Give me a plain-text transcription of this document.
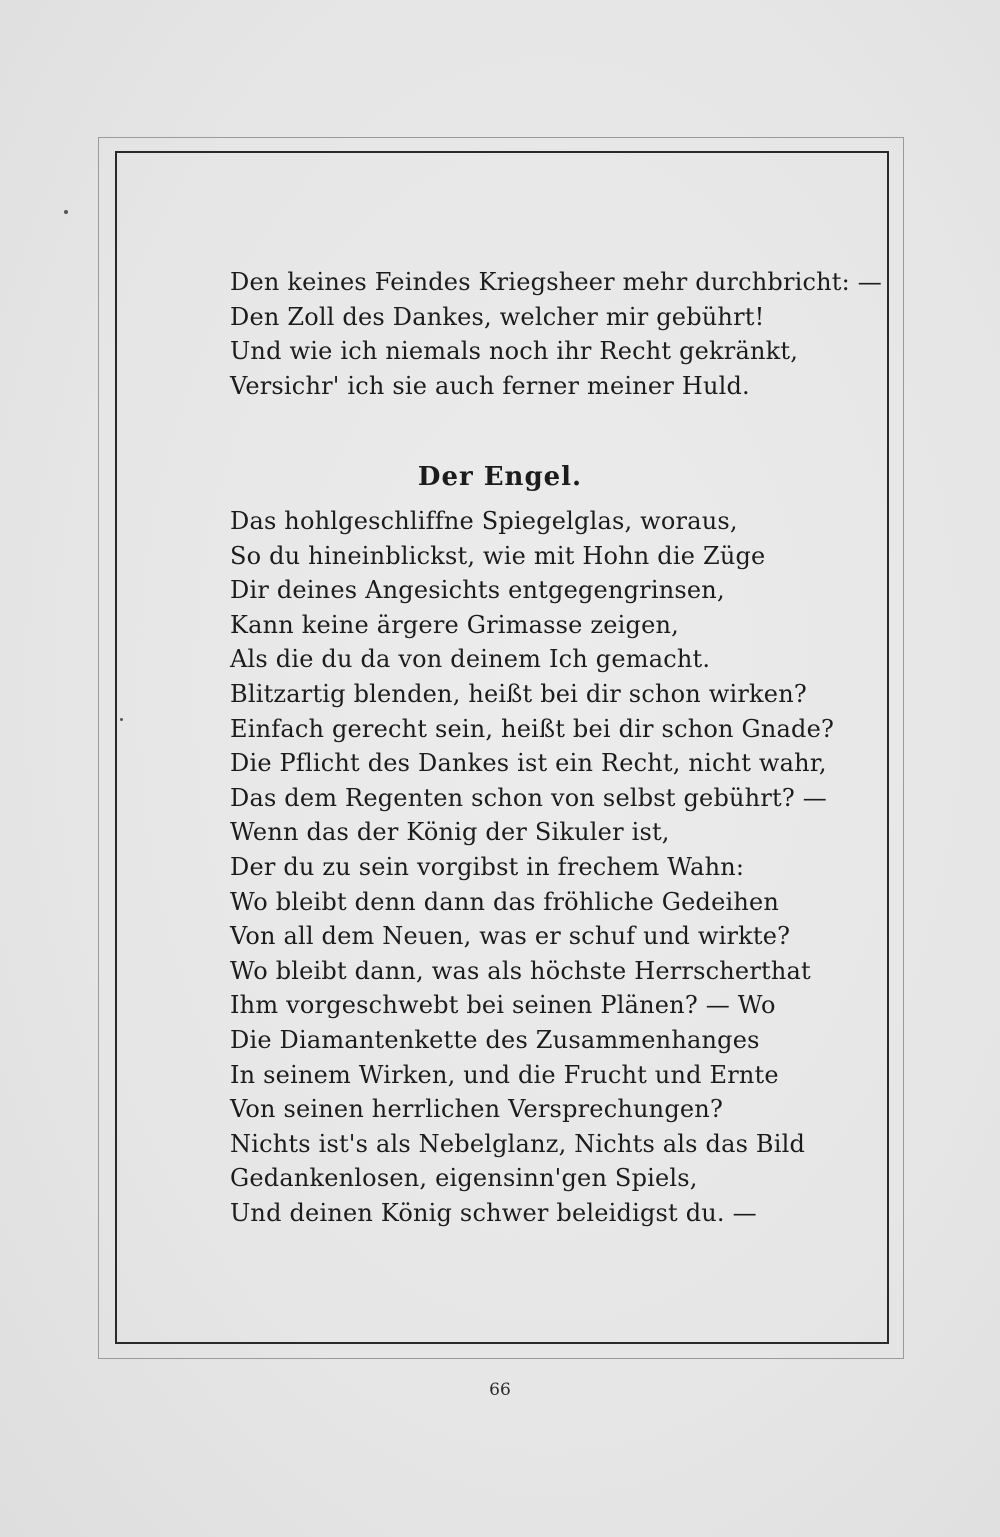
Den keines Feindes Kriegsheer mehr durchbricht: —
Den Zoll des Dankes, welcher mir gebührt!
Und wie ich niemals noch ihr Recht gekränkt,
Versichr' ich sie auch ferner meiner Huld.
Der Engel.
Das hohlgeschliffne Spiegelglas, woraus,
So du hineinblickst, wie mit Hohn die Züge
Dir deines Angesichts entgegengrinsen,
Kann keine ärgere Grimasse zeigen,
Als die du da von deinem Ich gemacht.
Blitzartig blenden, heißt bei dir schon wirken?
Einfach gerecht sein, heißt bei dir schon Gnade?
Die Pflicht des Dankes ist ein Recht, nicht wahr,
Das dem Regenten schon von selbst gebührt? —
Wenn das der König der Sikuler ist,
Der du zu sein vorgibst in frechem Wahn:
Wo bleibt denn dann das fröhliche Gedeihen
Von all dem Neuen, was er schuf und wirkte?
Wo bleibt dann, was als höchste Herrscherthat
Ihm vorgeschwebt bei seinen Plänen? — Wo
Die Diamantenkette des Zusammenhanges
In seinem Wirken, und die Frucht und Ernte
Von seinen herrlichen Versprechungen?
Nichts ist's als Nebelglanz, Nichts als das Bild
Gedankenlosen, eigensinn'gen Spiels,
Und deinen König schwer beleidigst du. —
66
